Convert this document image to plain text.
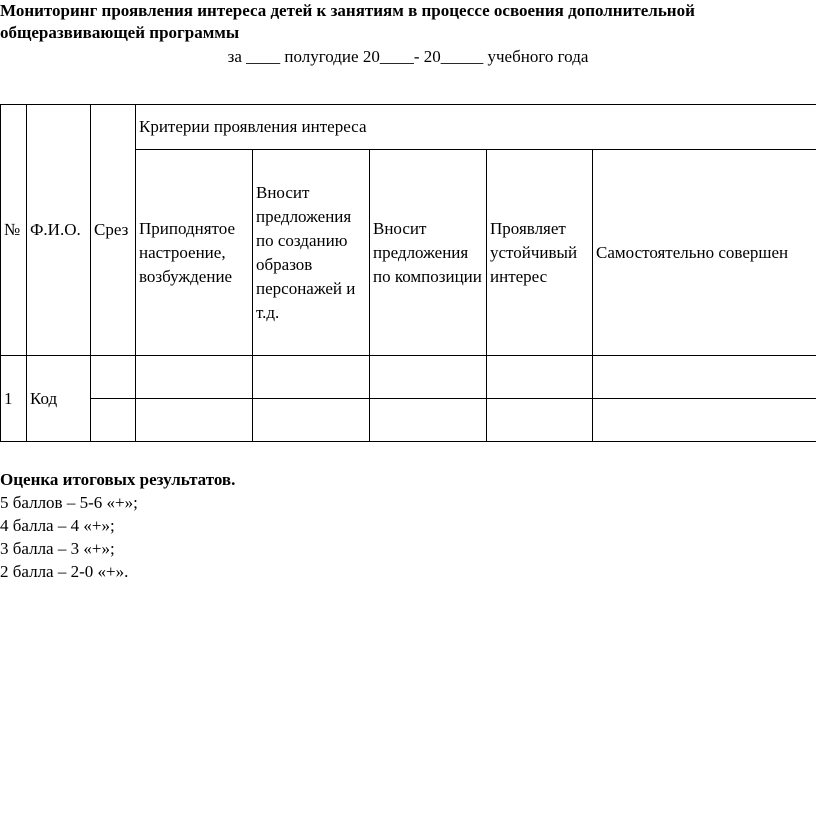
Мониторинг проявления интереса детей к занятиям в процессе освоения дополнительной общеразвивающей программы

за ____ полугодие 20____- 20_____ учебного года
№	Ф.И.О.	Срез	Критерии проявления интереса				
			Приподнятое настроение, возбуждение	Вносит предложения по созданию образов персонажей и т.д.	Вносит предложения по композиции	Проявляет устойчивый интерес	Самостоятельно совершен
1	Код						

Оценка итоговых результатов.
5 баллов – 5-6 «+»;
4 балла – 4 «+»;
3 балла – 3 «+»;
2 балла – 2-0 «+».
